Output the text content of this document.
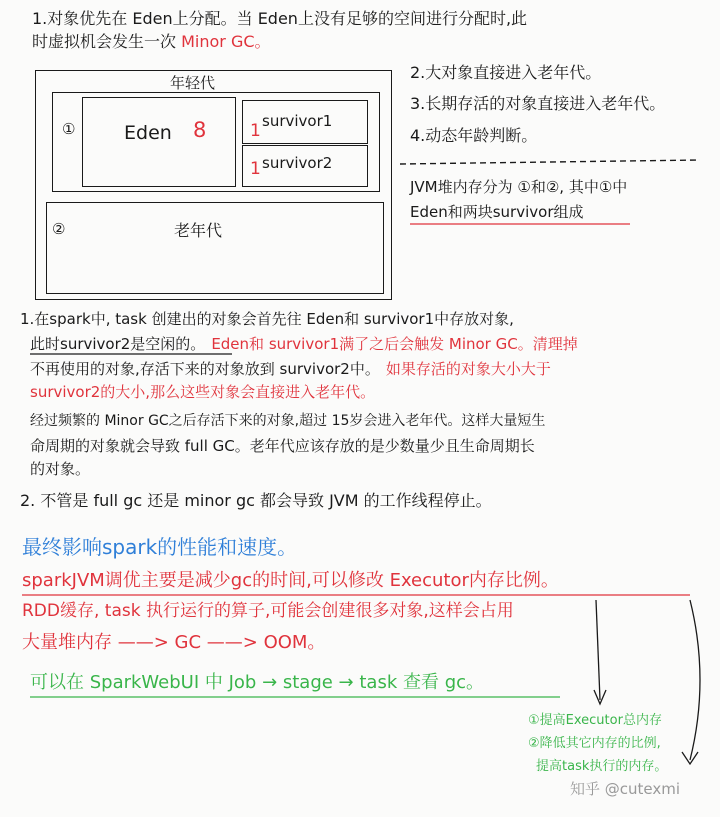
1.对象优先在 Eden上分配。当 Eden上没有足够的空间进行分配时,此
时虚拟机会发生一次 Minor GC。
年轻代
①	Eden 8	1 survivor1
1 survivor2
②	老年代
2.大对象直接进入老年代。
3.长期存活的对象直接进入老年代。
4.动态年龄判断。
JVM堆内存分为 ①和②, 其中①中
Eden和两块survivor组成
1.在spark中, task 创建出的对象会首先往 Eden和 survivor1中存放对象,
此时survivor2是空闲的。 Eden和 survivor1满了之后会触发 Minor GC。清理掉
不再使用的对象,存活下来的对象放到 survivor2中。 如果存活的对象大小大于
survivor2的大小,那么这些对象会直接进入老年代。
经过频繁的 Minor GC之后存活下来的对象,超过 15岁会进入老年代。这样大量短生
命周期的对象就会导致 full GC。老年代应该存放的是少数量少且生命周期长
的对象。
2. 不管是 full gc 还是 minor gc 都会导致 JVM 的工作线程停止。
最终影响spark的性能和速度。
sparkJVM调优主要是减少gc的时间,可以修改 Executor内存比例。
RDD缓存, task 执行运行的算子,可能会创建很多对象,这样会占用
大量堆内存 ——> GC ——> OOM。
可以在 SparkWebUI 中 Job → stage → task 查看 gc。
①提高Executor总内存
②降低其它内存的比例,
提高task执行的内存。
知乎 @cutexmi
